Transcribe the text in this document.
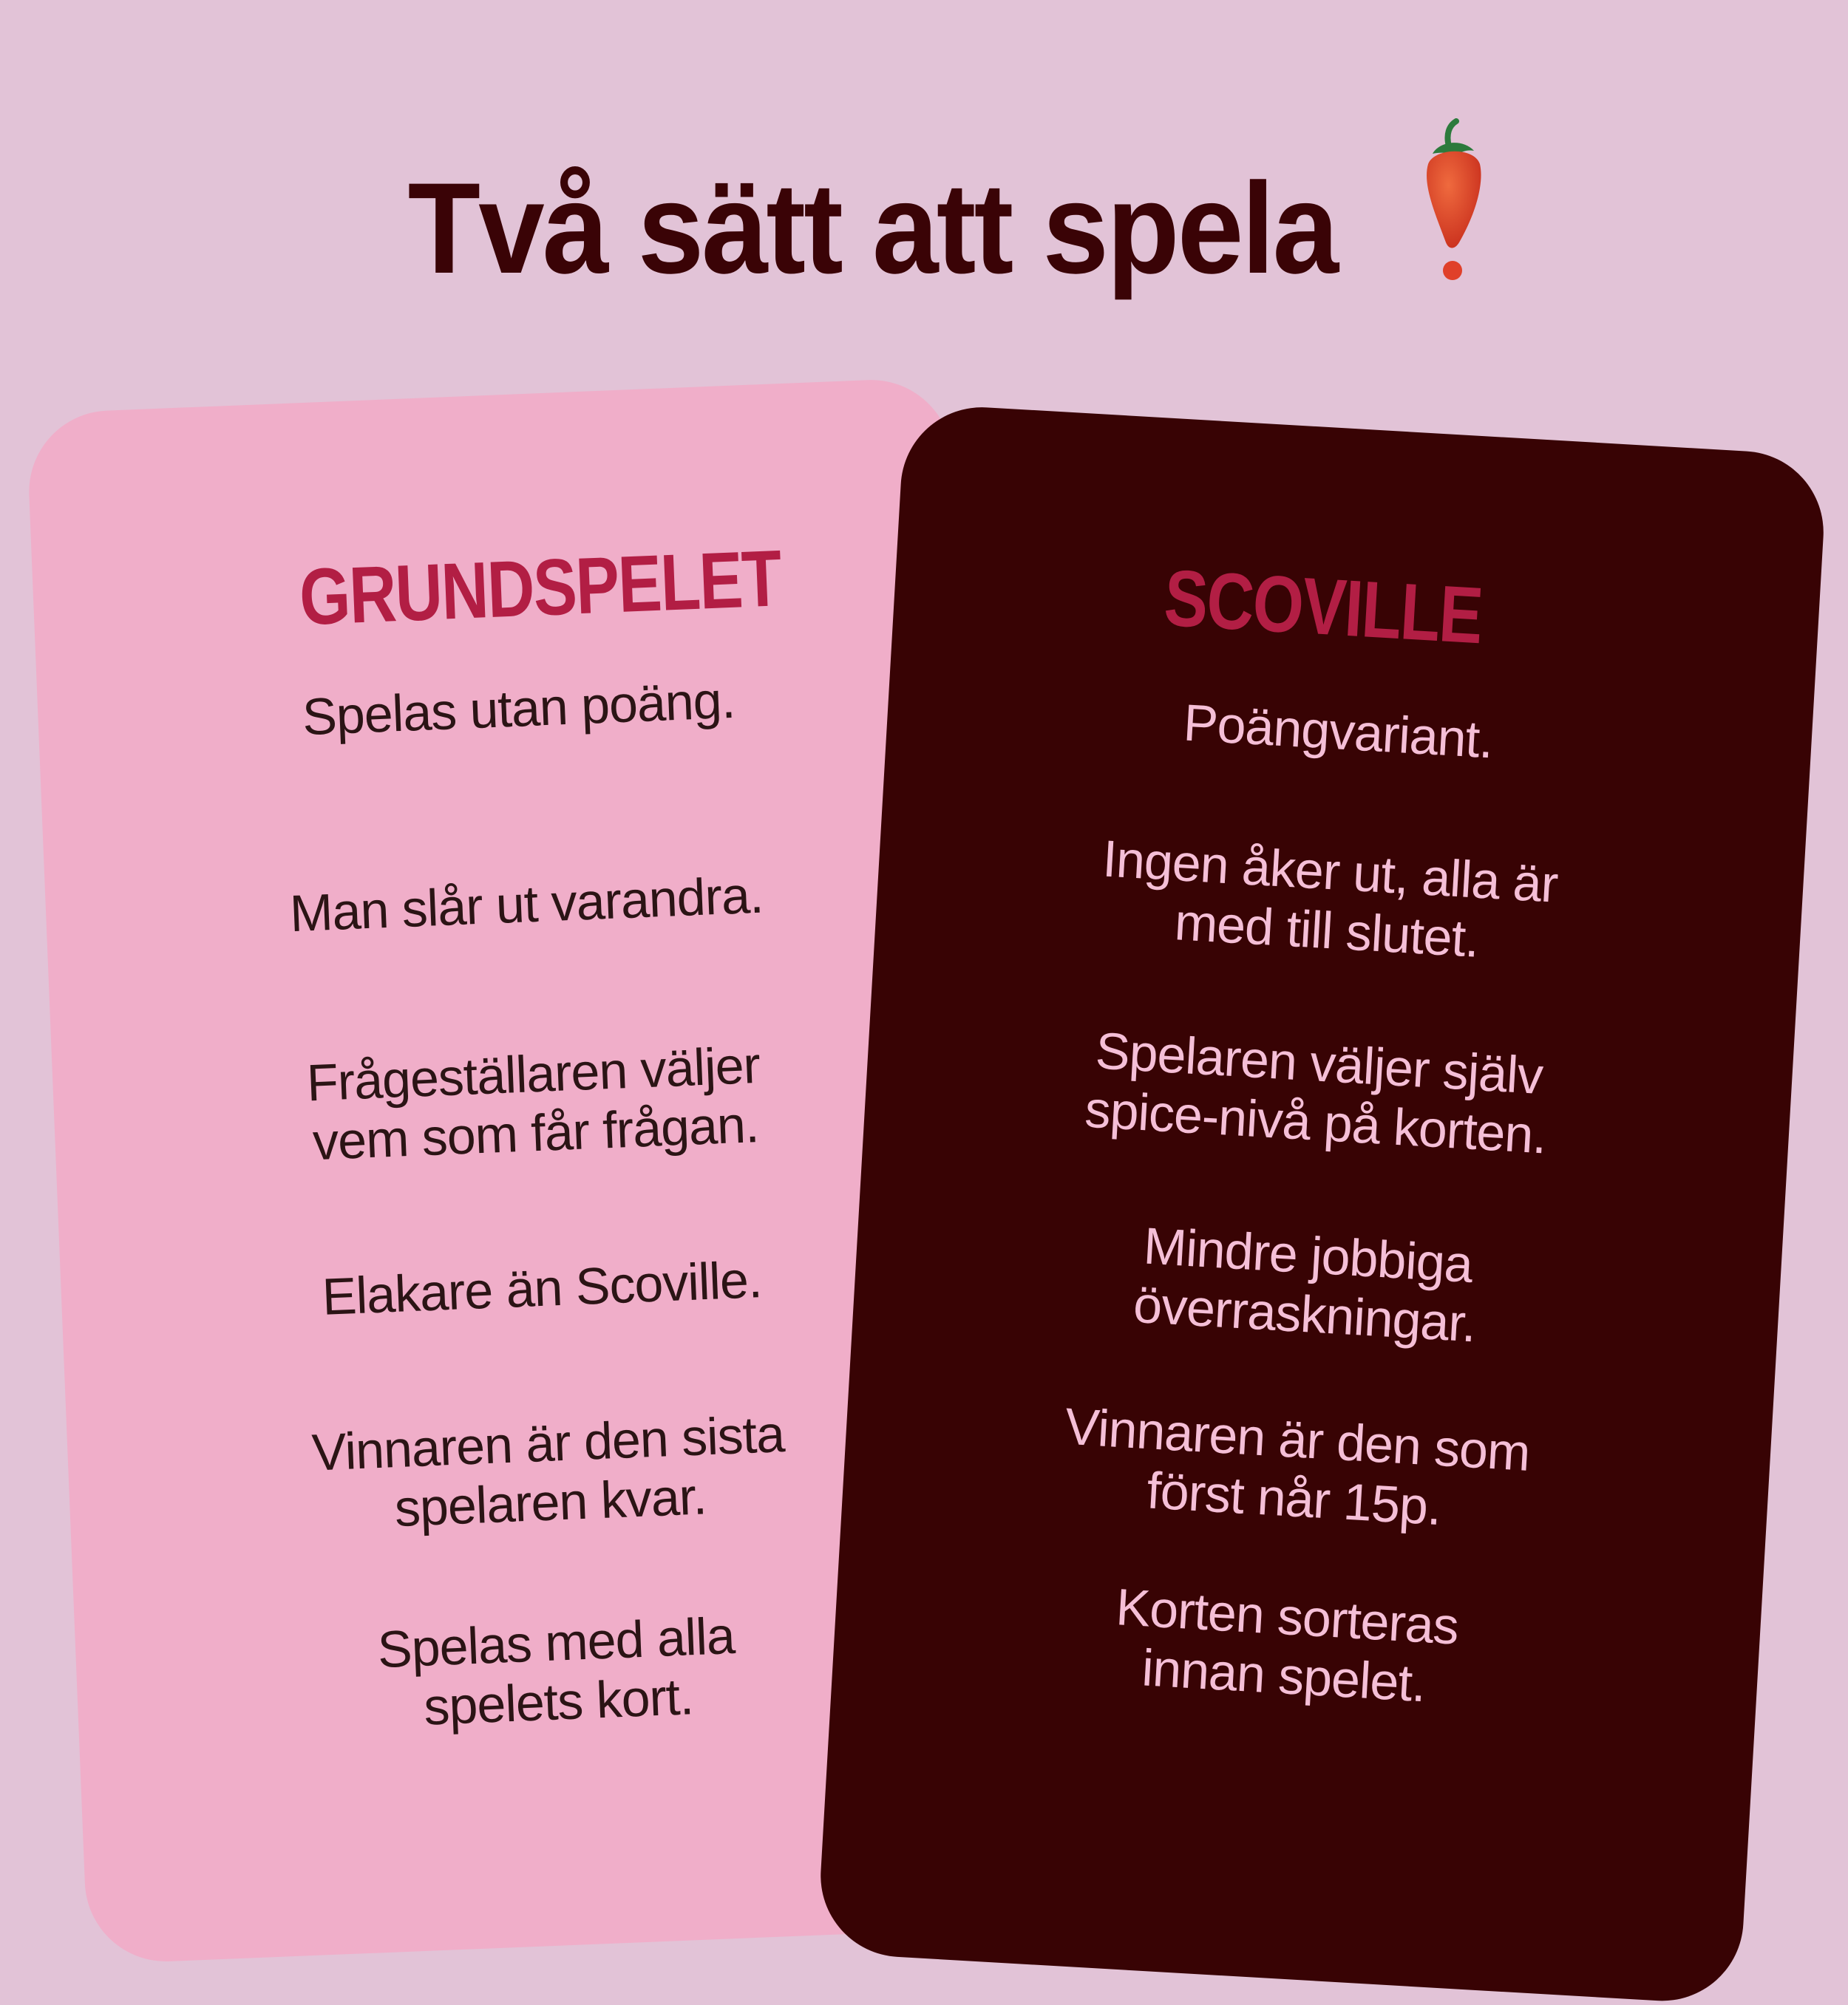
Två sätt att spela
GRUNDSPELET
Spelas utan poäng.
Man slår ut varandra.
Frågeställaren väljer
vem som får frågan.
Elakare än Scoville.
Vinnaren är den sista
spelaren kvar.
Spelas med alla
spelets kort.
SCOVILLE
Poängvariant.
Ingen åker ut, alla är
med till slutet.
Spelaren väljer själv
spice-nivå på korten.
Mindre jobbiga
överraskningar.
Vinnaren är den som
först når 15p.
Korten sorteras
innan spelet.
